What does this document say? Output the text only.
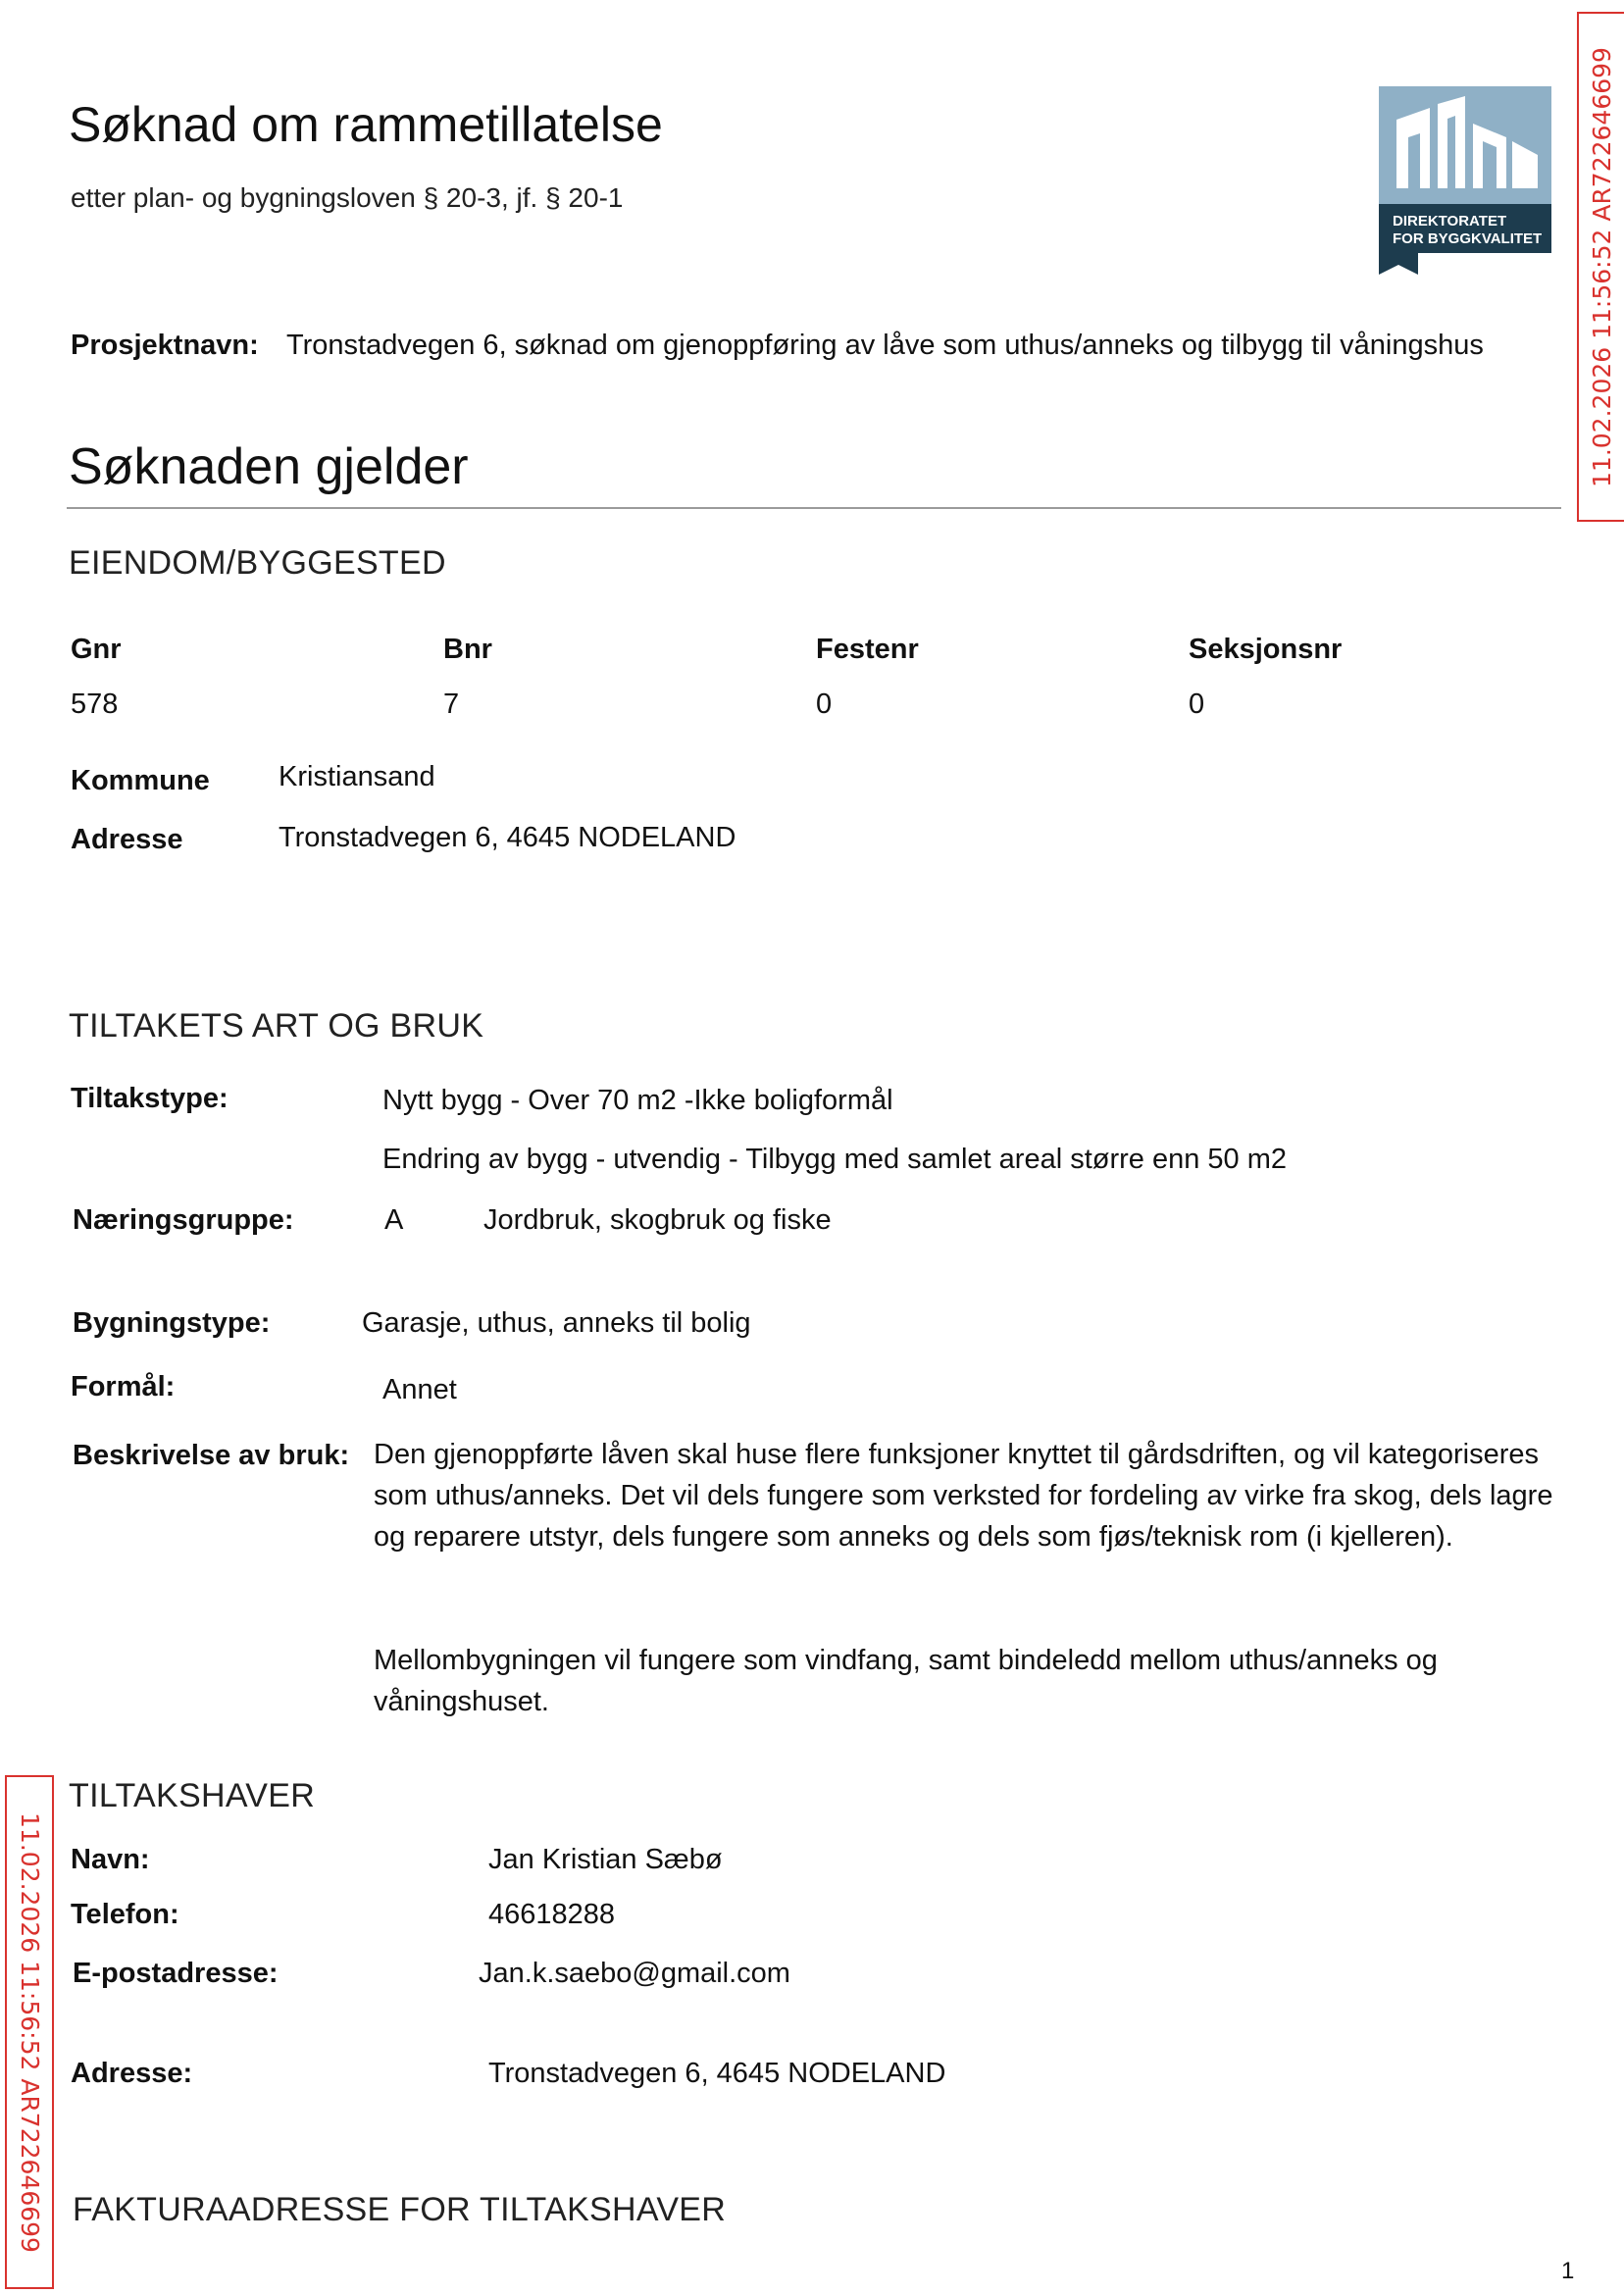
Søknad om rammetillatelse
etter plan- og bygningsloven § 20-3, jf. § 20-1
DIREKTORATET
FOR BYGGKVALITET 11.02.2026 11:56:52 AR722646699
11.02.2026 11:56:52 AR722646699
Prosjektnavn: Tronstadvegen 6, søknad om gjenoppføring av låve som uthus/anneks og tilbygg til våningshus
Søknaden gjelder
EIENDOM/BYGGESTED
Gnr	Bnr	Festenr	Seksjonsnr
578	7	0	0
Kommune Kristiansand
Adresse	Tronstadvegen 6, 4645 NODELAND
TILTAKETS ART OG BRUK
Tiltakstype:	Nytt bygg - Over 70 m2 -Ikke boligformål
Endring av bygg - utvendig - Tilbygg med samlet areal større enn 50 m2
Næringsgruppe:	A	Jordbruk, skogbruk og fiske
Bygningstype:	Garasje, uthus, anneks til bolig
Formål:	Annet
Beskrivelse av bruk: Den gjenoppførte låven skal huse flere funksjoner knyttet til gårdsdriften, og vil kategoriseres som uthus/anneks. Det vil dels fungere som verksted for fordeling av virke fra skog, dels lagre og reparere utstyr, dels fungere som anneks og dels som fjøs/teknisk rom (i kjelleren).
Mellombygningen vil fungere som vindfang, samt bindeledd mellom uthus/anneks og våningshuset.
TILTAKSHAVER
Navn:	Jan Kristian Sæbø
Telefon:	46618288
E-postadresse:	Jan.k.saebo@gmail.com
Adresse:	Tronstadvegen 6, 4645 NODELAND
FAKTURAADRESSE FOR TILTAKSHAVER
1
